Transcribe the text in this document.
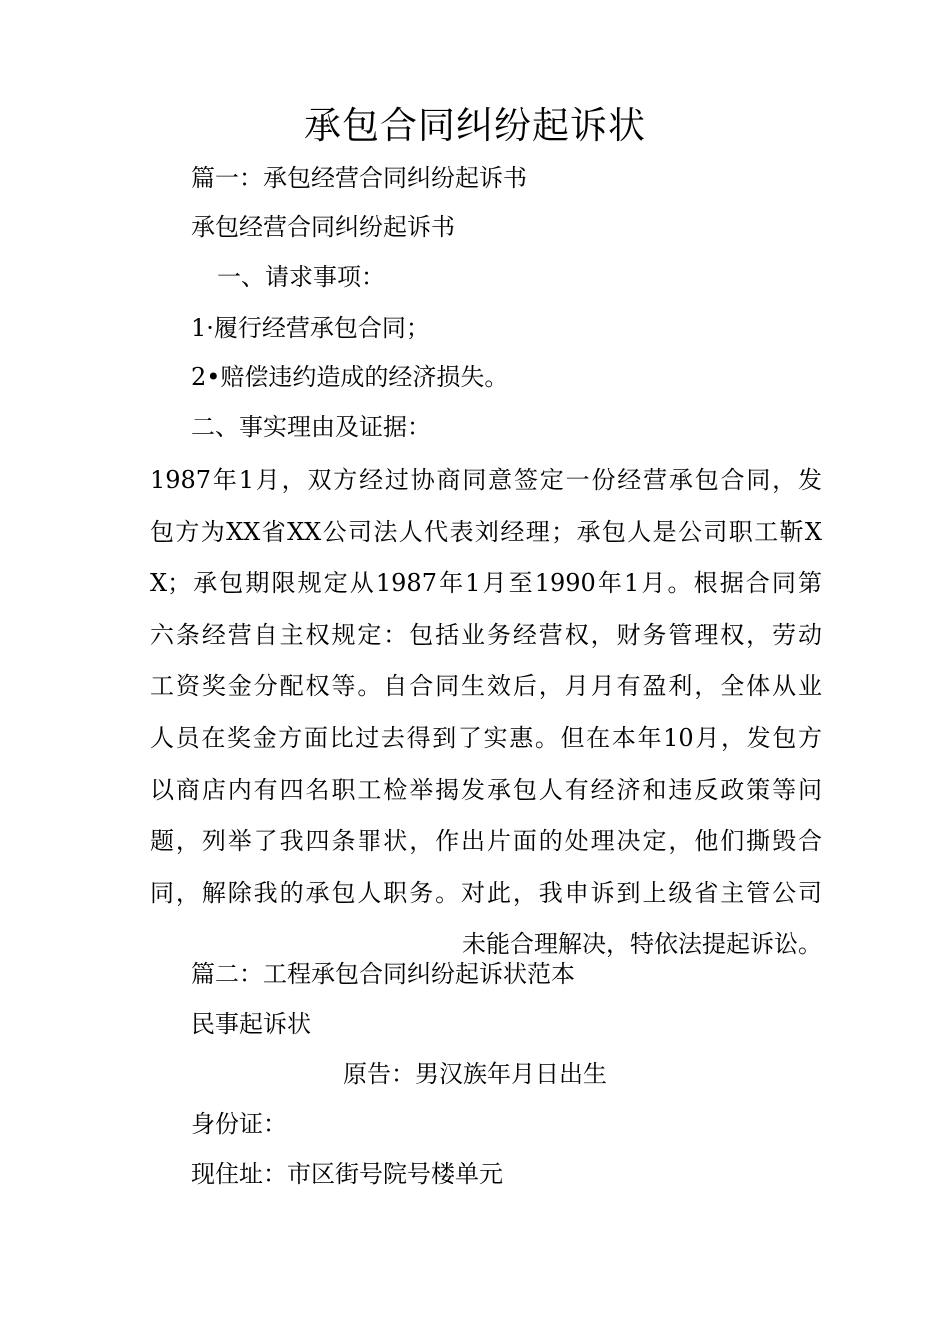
承包合同纠纷起诉状

篇一：承包经营合同纠纷起诉书

承包经营合同纠纷起诉书

一、请求事项：

1·履行经营承包合同；

2•赔偿违约造成的经济损失。

二、事实理由及证据：

1987年1月，双方经过协商同意签定一份经营承包合同，发
包方为XX省XX公司法人代表刘经理；承包人是公司职工靳X
X；承包期限规定从1987年1月至1990年1月。根据合同第
六条经营自主权规定：包括业务经营权，财务管理权，劳动
工资奖金分配权等。自合同生效后，月月有盈利，全体从业
人员在奖金方面比过去得到了实惠。但在本年10月，发包方
以商店内有四名职工检举揭发承包人有经济和违反政策等问
题，列举了我四条罪状，作出片面的处理决定，他们撕毁合
同，解除我的承包人职务。对此，我申诉到上级省主管公司
未能合理解决，特依法提起诉讼。

篇二：工程承包合同纠纷起诉状范本

民事起诉状

原告：男汉族年月日出生

身份证：

现住址：市区街号院号楼单元
